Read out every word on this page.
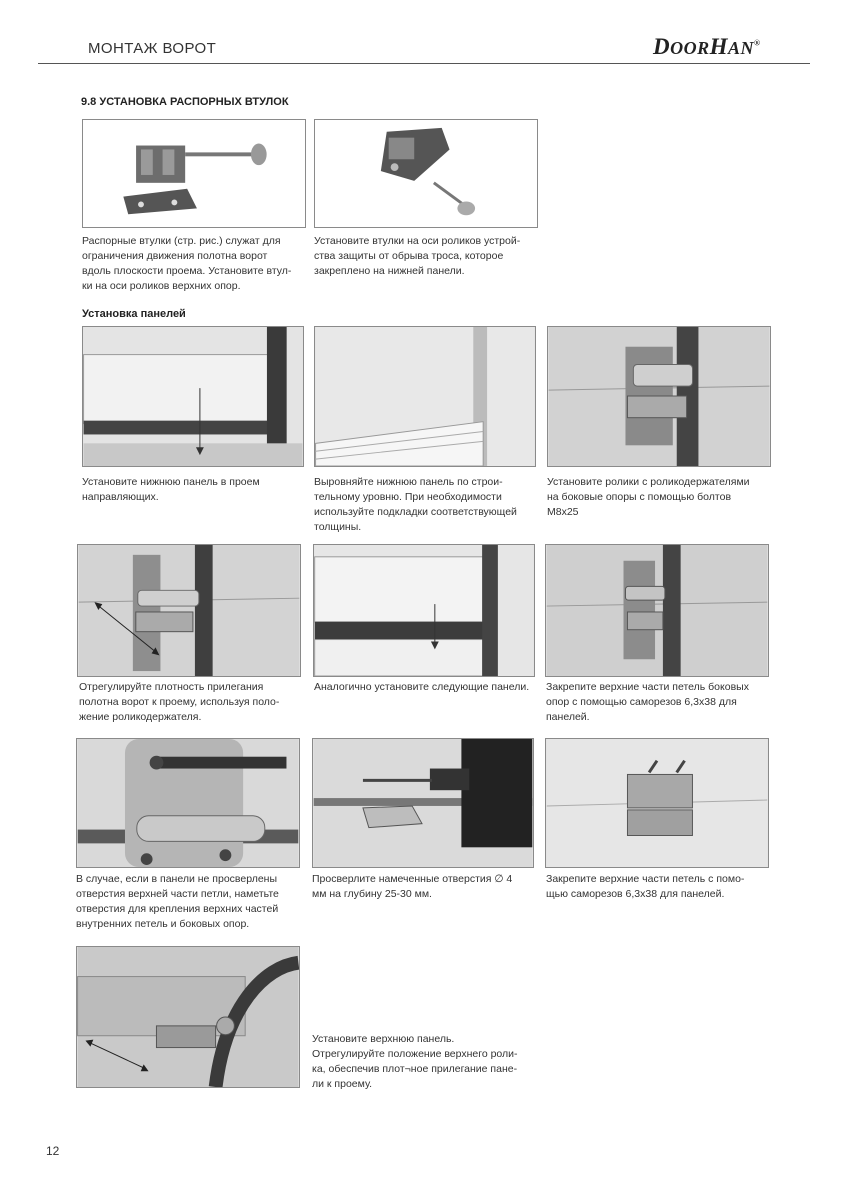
МОНТАЖ ВОРОТ	DOORHAN®
9.8 УСТАНОВКА РАСПОРНЫХ ВТУЛОК
Распорные втулки (стр. рис.) служат для
ограничения движения полотна ворот
вдоль плоскости проема. Установите втул-
ки на оси роликов верхних опор.
Установите втулки на оси роликов устрой-
ства защиты от обрыва троса, которое
закреплено на нижней панели.
Установка панелей
Установите нижнюю панель в проем
направляющих.
Выровняйте нижнюю панель по строи-
тельному уровню. При необходимости
используйте подкладки соответствующей
толщины.
Установите ролики с роликодержателями
на боковые опоры с помощью болтов
М8х25
Отрегулируйте плотность прилегания
полотна ворот к проему, используя поло-
жение роликодержателя.
Аналогично установите следующие панели.	Закрепите верхние части петель боковых
опор с помощью саморезов 6,3х38 для
панелей.
В случае, если в панели не просверлены
отверстия верхней части петли, наметьте
отверстия для крепления верхних частей
внутренних петель и боковых опор.
Просверлите намеченные отверстия ∅ 4
мм на глубину 25-30 мм.
Закрепите верхние части петель с помо-
щью саморезов 6,3х38 для панелей.
Установите верхнюю панель.
Отрегулируйте положение верхнего роли-
ка, обеспечив плот¬ное прилегание пане-
ли к проему.
12
